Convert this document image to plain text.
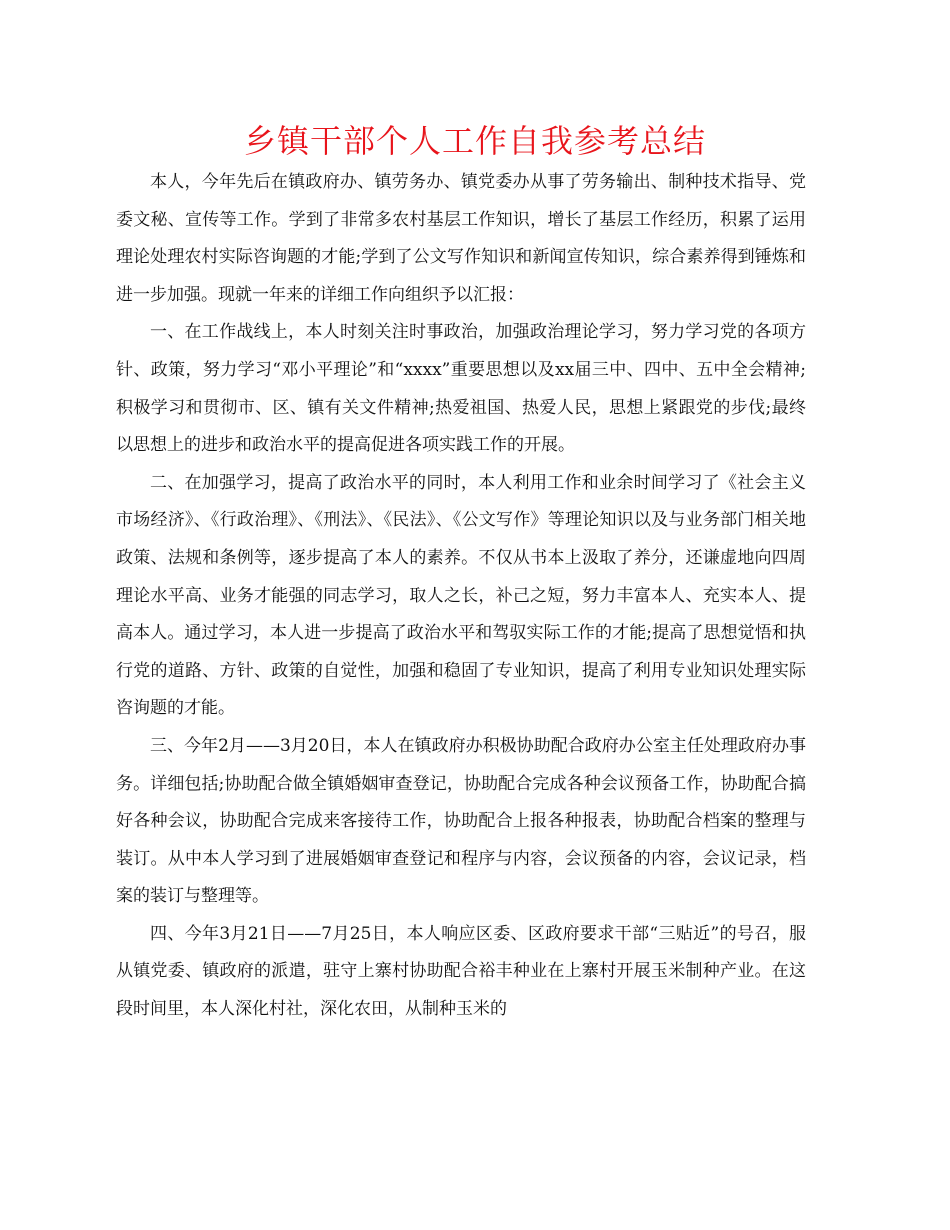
乡镇干部个人工作自我参考总结

本人，今年先后在镇政府办、镇劳务办、镇党委办从事了劳务输出、制种技术指导、党委文秘、宣传等工作。学到了非常多农村基层工作知识，增长了基层工作经历，积累了运用理论处理农村实际咨询题的才能;学到了公文写作知识和新闻宣传知识，综合素养得到锤炼和进一步加强。现就一年来的详细工作向组织予以汇报：

一、在工作战线上，本人时刻关注时事政治，加强政治理论学习，努力学习党的各项方针、政策，努力学习“邓小平理论”和“xxxx”重要思想以及xx届三中、四中、五中全会精神;积极学习和贯彻市、区、镇有关文件精神;热爱祖国、热爱人民，思想上紧跟党的步伐;最终以思想上的进步和政治水平的提高促进各项实践工作的开展。

二、在加强学习，提高了政治水平的同时，本人利用工作和业余时间学习了《社会主义市场经济》、《行政治理》、《刑法》、《民法》、《公文写作》等理论知识以及与业务部门相关地政策、法规和条例等，逐步提高了本人的素养。不仅从书本上汲取了养分，还谦虚地向四周理论水平高、业务才能强的同志学习，取人之长，补己之短，努力丰富本人、充实本人、提高本人。通过学习，本人进一步提高了政治水平和驾驭实际工作的才能;提高了思想觉悟和执行党的道路、方针、政策的自觉性，加强和稳固了专业知识，提高了利用专业知识处理实际咨询题的才能。

三、今年2月——3月20日，本人在镇政府办积极协助配合政府办公室主任处理政府办事务。详细包括;协助配合做全镇婚姻审查登记，协助配合完成各种会议预备工作，协助配合搞好各种会议，协助配合完成来客接待工作，协助配合上报各种报表，协助配合档案的整理与装订。从中本人学习到了进展婚姻审查登记和程序与内容，会议预备的内容，会议记录，档案的装订与整理等。

四、今年3月21日——7月25日，本人响应区委、区政府要求干部“三贴近”的号召，服从镇党委、镇政府的派遣，驻守上寨村协助配合裕丰种业在上寨村开展玉米制种产业。在这段时间里，本人深化村社，深化农田，从制种玉米的
